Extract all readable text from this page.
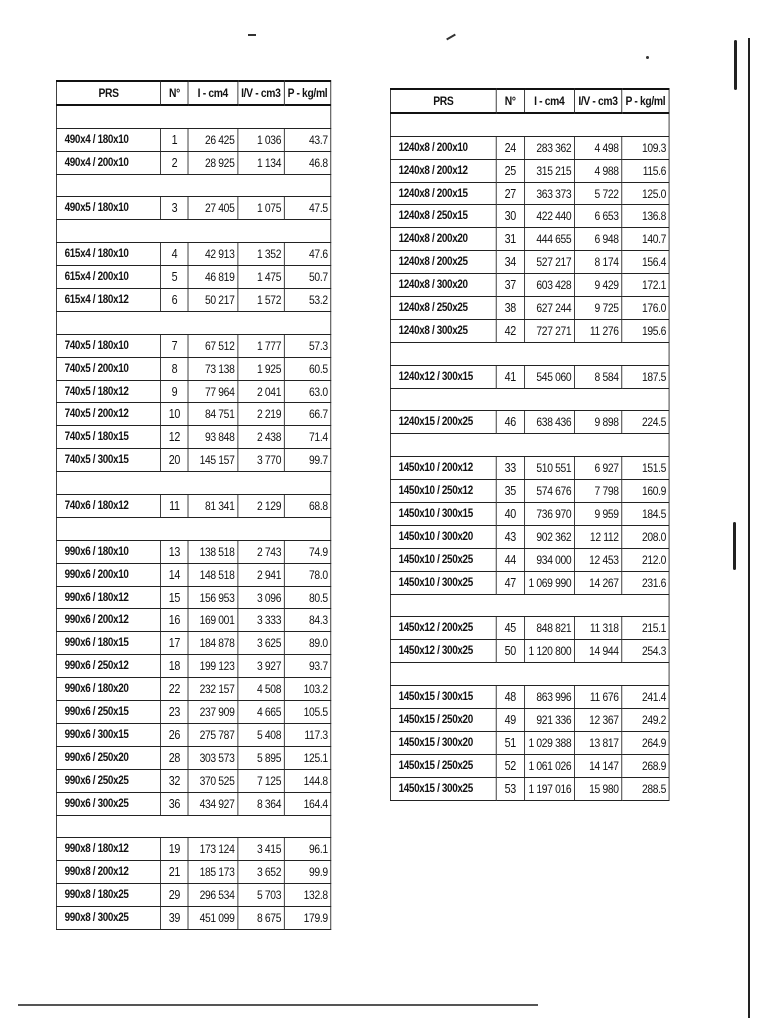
PRS	N°	I - cm4	I/V - cm3	P - kg/ml

490x4 / 180x10	1	26 425	1 036	43.7
490x4 / 200x10	2	28 925	1 134	46.8

490x5 / 180x10	3	27 405	1 075	47.5

615x4 / 180x10	4	42 913	1 352	47.6
615x4 / 200x10	5	46 819	1 475	50.7
615x4 / 180x12	6	50 217	1 572	53.2

740x5 / 180x10	7	67 512	1 777	57.3
740x5 / 200x10	8	73 138	1 925	60.5
740x5 / 180x12	9	77 964	2 041	63.0
740x5 / 200x12	10	84 751	2 219	66.7
740x5 / 180x15	12	93 848	2 438	71.4
740x5 / 300x15	20	145 157	3 770	99.7

740x6 / 180x12	11	81 341	2 129	68.8

990x6 / 180x10	13	138 518	2 743	74.9
990x6 / 200x10	14	148 518	2 941	78.0
990x6 / 180x12	15	156 953	3 096	80.5
990x6 / 200x12	16	169 001	3 333	84.3
990x6 / 180x15	17	184 878	3 625	89.0
990x6 / 250x12	18	199 123	3 927	93.7
990x6 / 180x20	22	232 157	4 508	103.2
990x6 / 250x15	23	237 909	4 665	105.5
990x6 / 300x15	26	275 787	5 408	117.3
990x6 / 250x20	28	303 573	5 895	125.1
990x6 / 250x25	32	370 525	7 125	144.8
990x6 / 300x25	36	434 927	8 364	164.4

990x8 / 180x12	19	173 124	3 415	96.1
990x8 / 200x12	21	185 173	3 652	99.9
990x8 / 180x25	29	296 534	5 703	132.8
990x8 / 300x25	39	451 099	8 675	179.9
PRS	N°	I - cm4	I/V - cm3	P - kg/ml

1240x8 / 200x10	24	283 362	4 498	109.3
1240x8 / 200x12	25	315 215	4 988	115.6
1240x8 / 200x15	27	363 373	5 722	125.0
1240x8 / 250x15	30	422 440	6 653	136.8
1240x8 / 200x20	31	444 655	6 948	140.7
1240x8 / 200x25	34	527 217	8 174	156.4
1240x8 / 300x20	37	603 428	9 429	172.1
1240x8 / 250x25	38	627 244	9 725	176.0
1240x8 / 300x25	42	727 271	11 276	195.6

1240x12 / 300x15	41	545 060	8 584	187.5

1240x15 / 200x25	46	638 436	9 898	224.5

1450x10 / 200x12	33	510 551	6 927	151.5
1450x10 / 250x12	35	574 676	7 798	160.9
1450x10 / 300x15	40	736 970	9 959	184.5
1450x10 / 300x20	43	902 362	12 112	208.0
1450x10 / 250x25	44	934 000	12 453	212.0
1450x10 / 300x25	47	1 069 990	14 267	231.6

1450x12 / 200x25	45	848 821	11 318	215.1
1450x12 / 300x25	50	1 120 800	14 944	254.3

1450x15 / 300x15	48	863 996	11 676	241.4
1450x15 / 250x20	49	921 336	12 367	249.2
1450x15 / 300x20	51	1 029 388	13 817	264.9
1450x15 / 250x25	52	1 061 026	14 147	268.9
1450x15 / 300x25	53	1 197 016	15 980	288.5
